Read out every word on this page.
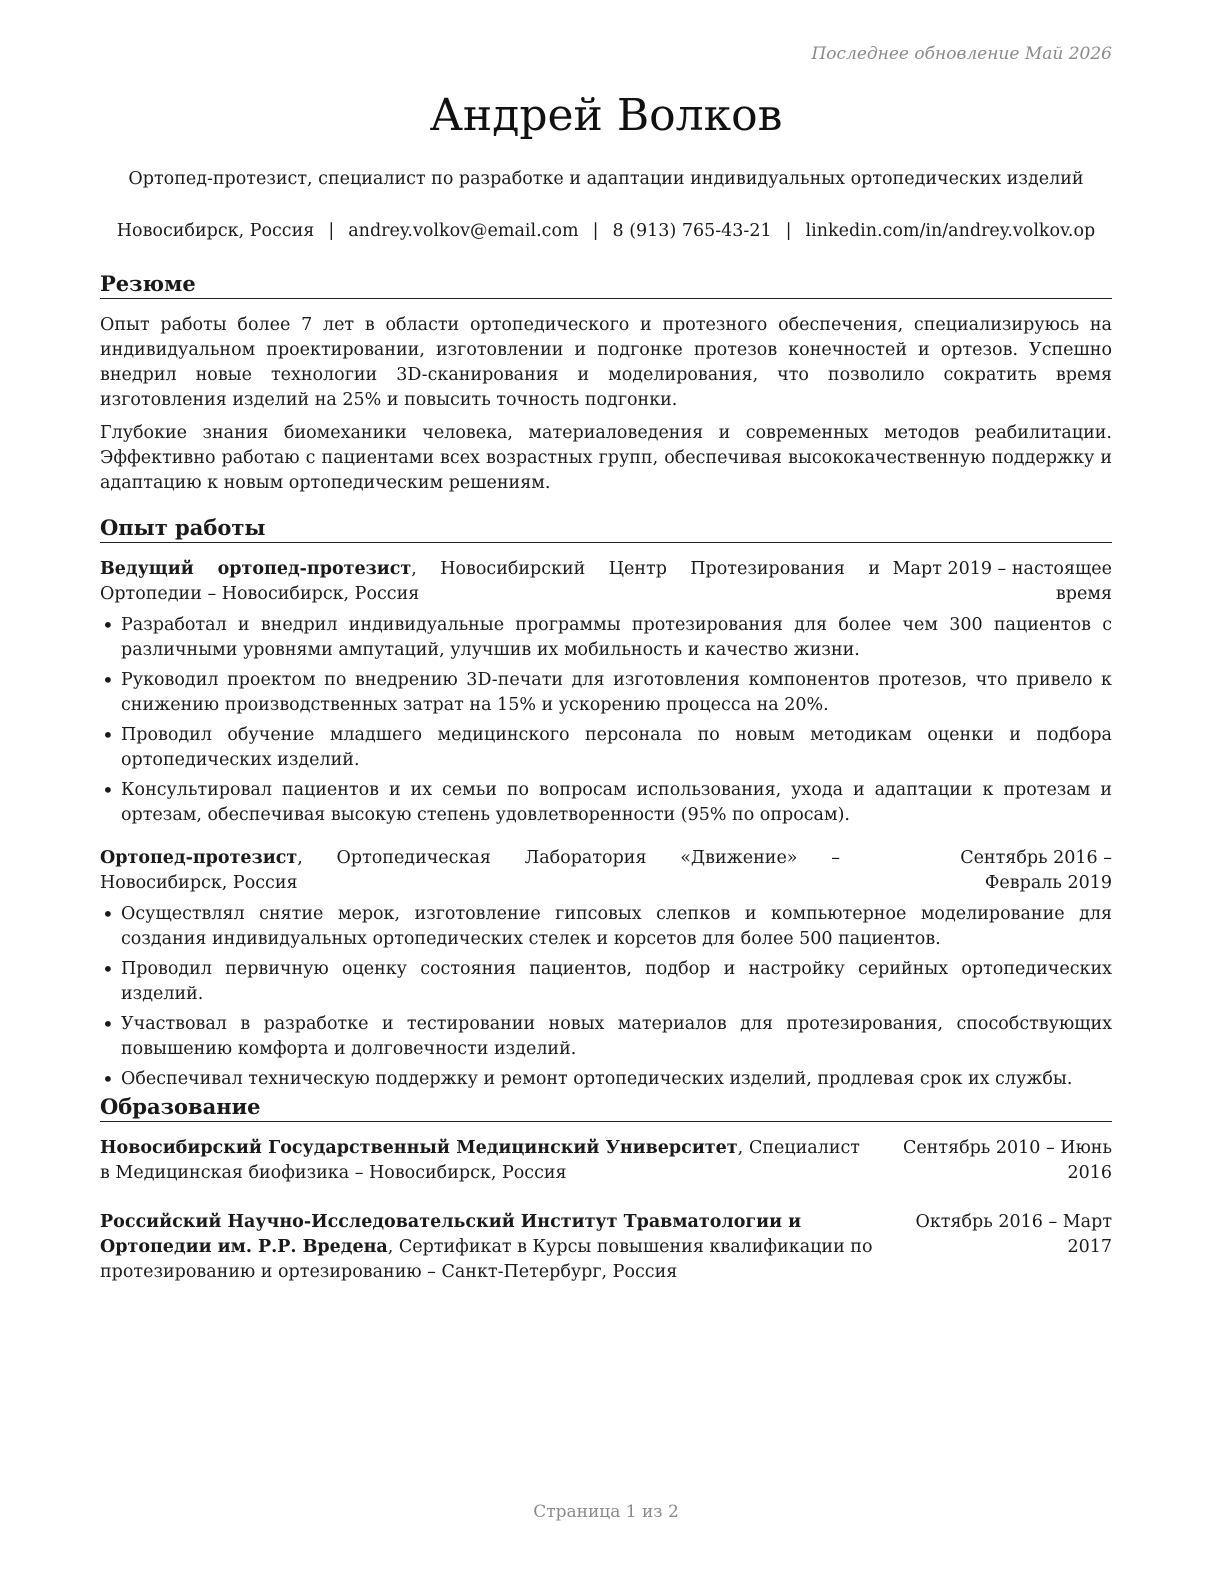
Последнее обновление Май 2026
Андрей Волков
Ортопед-протезист, специалист по разработке и адаптации индивидуальных ортопедических изделий
Новосибирск, Россия | andrey.volkov@email.com | 8 (913) 765-43-21 | linkedin.com/in/andrey.volkov.op
Резюме

Опыт работы более 7 лет в области ортопедического и протезного обеспечения, специализируюсь на индивидуальном проектировании, изготовлении и подгонке протезов конечностей и ортезов. Успешно внедрил новые технологии 3D-сканирования и моделирования, что позволило сократить время изготовления изделий на 25% и повысить точность подгонки.

Глубокие знания биомеханики человека, материаловедения и современных методов реабилитации. Эффективно работаю с пациентами всех возрастных групп, обеспечивая высококачественную поддержку и адаптацию к новым ортопедическим решениям.

Опыт работы
Ведущий ортопед-протезист, Новосибирский Центр Протезирования и Ортопедии – Новосибирск, Россия
Март 2019 – настоящее время
• Разработал и внедрил индивидуальные программы протезирования для более чем 300 пациентов с различными уровнями ампутаций, улучшив их мобильность и качество жизни.
• Руководил проектом по внедрению 3D-печати для изготовления компонентов протезов, что привело к снижению производственных затрат на 15% и ускорению процесса на 20%.
• Проводил обучение младшего медицинского персонала по новым методикам оценки и подбора ортопедических изделий.
• Консультировал пациентов и их семьи по вопросам использования, ухода и адаптации к протезам и ортезам, обеспечивая высокую степень удовлетворенности (95% по опросам).
Ортопед-протезист, Ортопедическая Лаборатория «Движение» – Новосибирск, Россия
Сентябрь 2016 – Февраль 2019
• Осуществлял снятие мерок, изготовление гипсовых слепков и компьютерное моделирование для создания индивидуальных ортопедических стелек и корсетов для более 500 пациентов.
• Проводил первичную оценку состояния пациентов, подбор и настройку серийных ортопедических изделий.
• Участвовал в разработке и тестировании новых материалов для протезирования, способствующих повышению комфорта и долговечности изделий.
• Обеспечивал техническую поддержку и ремонт ортопедических изделий, продлевая срок их службы.
Образование
Новосибирский Государственный Медицинский Университет, Специалист в Медицинская биофизика – Новосибирск, Россия
Сентябрь 2010 – Июнь 2016
Российский Научно-Исследовательский Институт Травматологии и Ортопедии им. Р.Р. Вредена, Сертификат в Курсы повышения квалификации по протезированию и ортезированию – Санкт-Петербург, Россия
Октябрь 2016 – Март 2017
Страница 1 из 2
